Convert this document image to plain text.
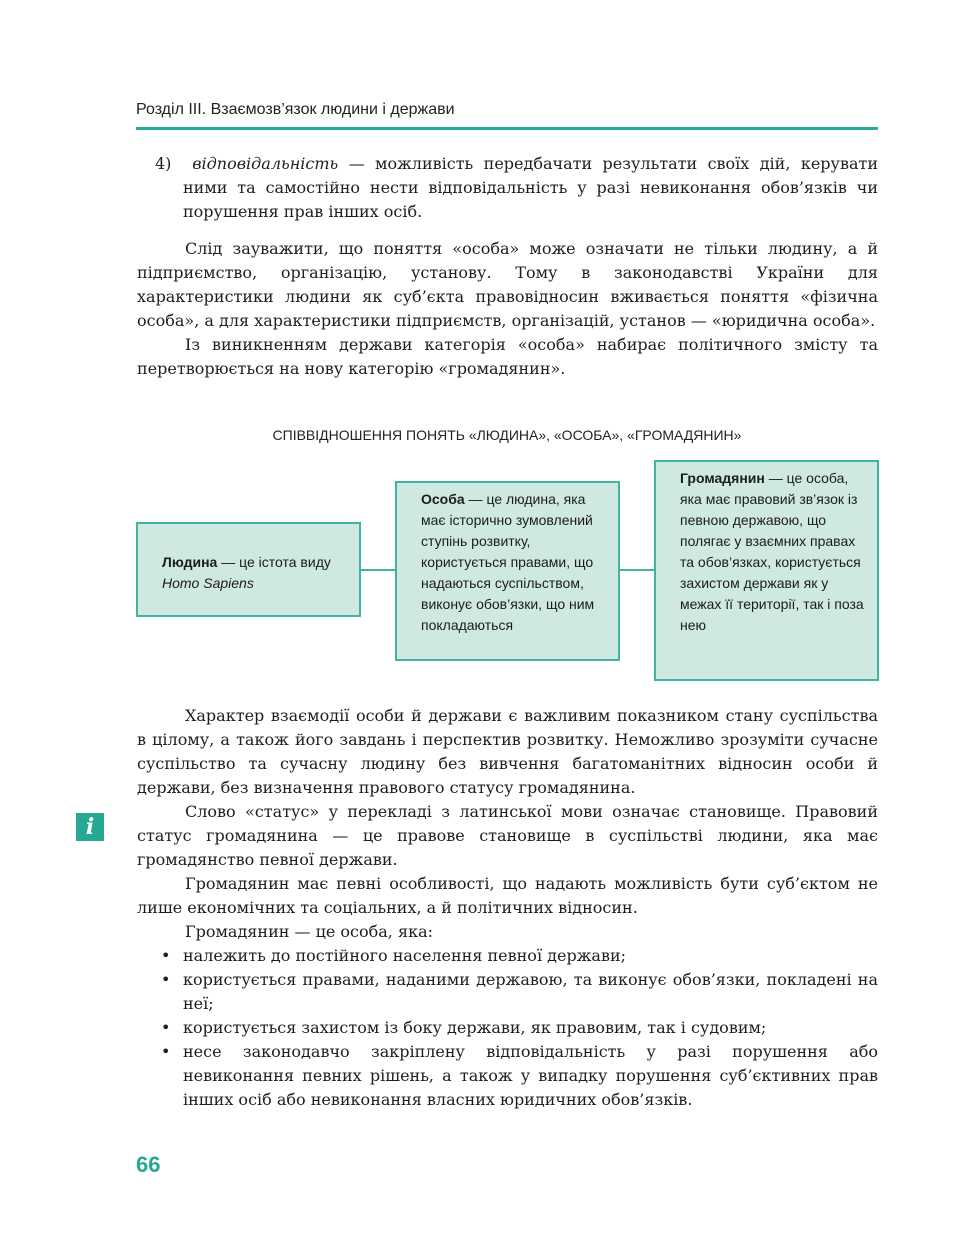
Розділ ІІІ. Взаємозв’язок людини і держави
4) відповідальність — можливість передбачати результати своїх дій, керувати ними та самостійно нести відповідальність у разі невиконання обов’язків чи порушення прав інших осіб.

Слід зауважити, що поняття «особа» може означати не тільки людину, а й підприємство, організацію, установу. Тому в законодавстві України для характеристики людини як суб’єкта правовідносин вживається поняття «фізична особа», а для характеристики підприємств, організацій, установ — «юридична особа».

Із виникненням держави категорія «особа» набирає політичного змісту та перетворюється на нову категорію «громадянин».

СПІВВІДНОШЕННЯ ПОНЯТЬ «ЛЮДИНА», «ОСОБА», «ГРОМАДЯНИН»
Людина — це істота виду Homo Sapiens
Особа — це людина, яка має історично зумовлений ступінь розвитку, користується правами, що надаються суспільством, виконує обов’язки, що ним покладаються
Громадянин — це особа, яка має правовий зв’язок із певною державою, що полягає у взаємних правах та обов’язках, користується захистом держави як у межах її території, так і поза нею
i

Характер взаємодії особи й держави є важливим показником стану суспільства в цілому, а також його завдань і перспектив розвитку. Неможливо зрозуміти сучасне суспільство та сучасну людину без вивчення багатоманітних відносин особи й держави, без визначення правового статусу громадянина.

Слово «статус» у перекладі з латинської мови означає становище. Правовий статус громадянина — це правове становище в суспільстві людини, яка має громадянство певної держави.

Громадянин має певні особливості, що надають можливість бути суб’єктом не лише економічних та соціальних, а й політичних відносин.

Громадянин — це особа, яка:

• належить до постійного населення певної держави;
• користується правами, наданими державою, та виконує обов’язки, покладені на неї;
• користується захистом із боку держави, як правовим, так і судовим;
• несе законодавчо закріплену відповідальність у разі порушення або невиконання певних рішень, а також у випадку порушення суб’єктивних прав інших осіб або невиконання власних юридичних обов’язків.
66
